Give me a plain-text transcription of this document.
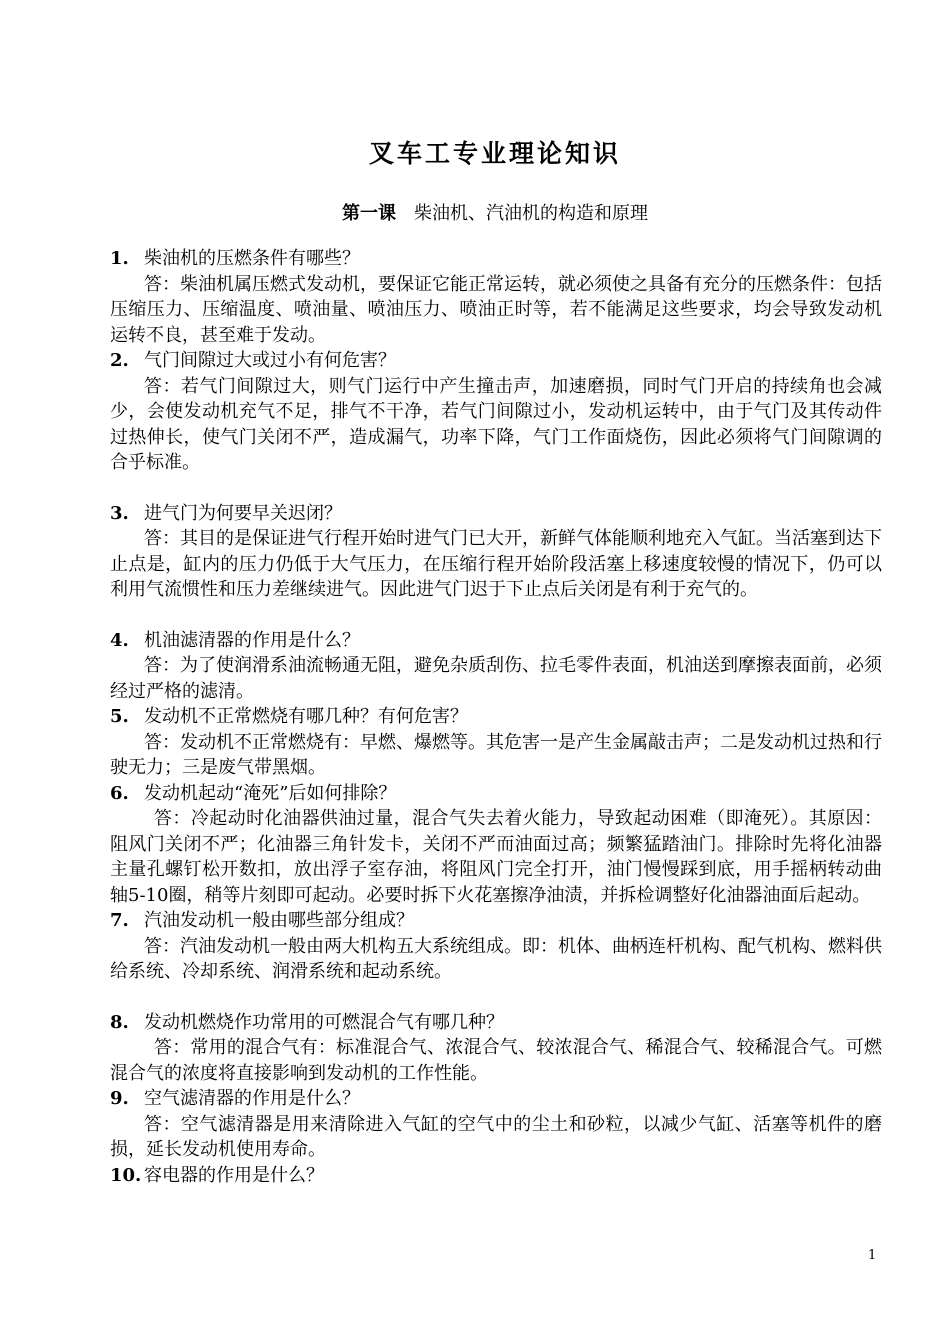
叉车工专业理论知识
第一课 柴油机、汽油机的构造和原理
1. 柴油机的压燃条件有哪些？
答：柴油机属压燃式发动机，要保证它能正常运转，就必须使之具备有充分的压燃条件：包括压缩压力、压缩温度、喷油量、喷油压力、喷油正时等，若不能满足这些要求，均会导致发动机运转不良，甚至难于发动。
2. 气门间隙过大或过小有何危害？
答：若气门间隙过大，则气门运行中产生撞击声，加速磨损，同时气门开启的持续角也会减少，会使发动机充气不足，排气不干净，若气门间隙过小，发动机运转中，由于气门及其传动件过热伸长，使气门关闭不严，造成漏气，功率下降，气门工作面烧伤，因此必须将气门间隙调的合乎标准。
3. 进气门为何要早关迟闭？
答：其目的是保证进气行程开始时进气门已大开，新鲜气体能顺利地充入气缸。当活塞到达下止点是，缸内的压力仍低于大气压力，在压缩行程开始阶段活塞上移速度较慢的情况下，仍可以利用气流惯性和压力差继续进气。因此进气门迟于下止点后关闭是有利于充气的。
4. 机油滤清器的作用是什么？
答：为了使润滑系油流畅通无阻，避免杂质刮伤、拉毛零件表面，机油送到摩擦表面前，必须经过严格的滤清。
5. 发动机不正常燃烧有哪几种？有何危害？
答：发动机不正常燃烧有：早燃、爆燃等。其危害一是产生金属敲击声；二是发动机过热和行驶无力；三是废气带黑烟。
6. 发动机起动“淹死”后如何排除？
答：冷起动时化油器供油过量，混合气失去着火能力，导致起动困难（即淹死）。其原因：阻风门关闭不严；化油器三角针发卡，关闭不严而油面过高；频繁猛踏油门。排除时先将化油器主量孔螺钉松开数扣，放出浮子室存油，将阻风门完全打开，油门慢慢踩到底，用手摇柄转动曲轴5-10圈，稍等片刻即可起动。必要时拆下火花塞擦净油渍，并拆检调整好化油器油面后起动。
7. 汽油发动机一般由哪些部分组成？
答：汽油发动机一般由两大机构五大系统组成。即：机体、曲柄连杆机构、配气机构、燃料供给系统、冷却系统、润滑系统和起动系统。
8. 发动机燃烧作功常用的可燃混合气有哪几种？
答：常用的混合气有：标准混合气、浓混合气、较浓混合气、稀混合气、较稀混合气。可燃混合气的浓度将直接影响到发动机的工作性能。
9. 空气滤清器的作用是什么？
答：空气滤清器是用来清除进入气缸的空气中的尘土和砂粒，以减少气缸、活塞等机件的磨损，延长发动机使用寿命。
10. 容电器的作用是什么？
1
